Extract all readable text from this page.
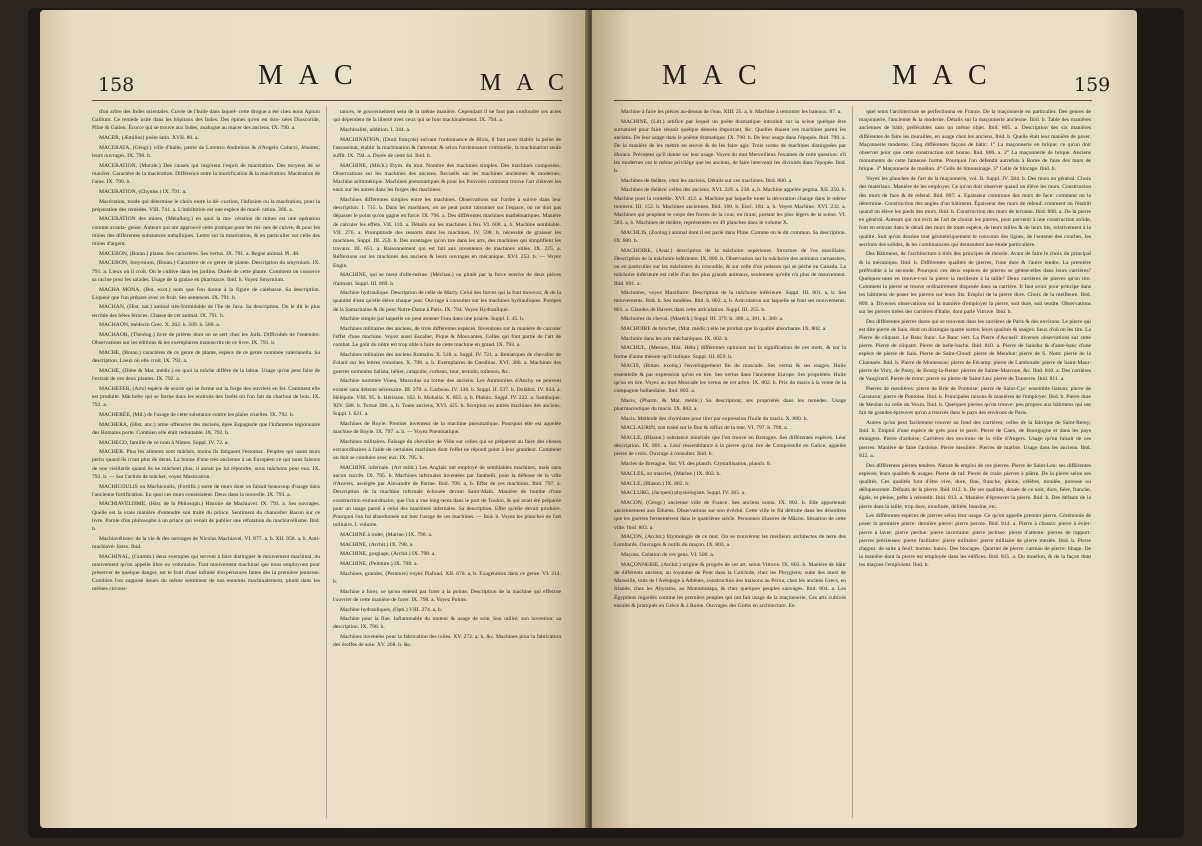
158	M A C	M A C

d'un arbre des Indes orientales. Cuvée de l'huile dans laquel- cette drogue a été chez nous Apium Gallium. Ce remède usité dans les hôpitaux des Indes. Des épines qu'en est don- nées Dioscoride, Pline & Galien. Écorce qui se trouve aux Indes, analogue au macer des anciens. IX. 790. a.

MACER, (Æmilius) poëte latin. XVII. 80. a.

MACERATA, (Géogr.) ville d'Italie, patrie de Lorenzo Andreinus & d'Angelo Colucci, Jésuites; leurs ouvrages. IX. 790. b.

MACERATION, (Morale.) Des causes qui inspirent l'esprit de macération. Des moyens de se macérer. Caractère de la macération. Différence entre la mortification & la macération. Macération de l'ame. IX. 790. b.

MACERATION, (Chymie.) IX. 791. a.

Macération, mode qui détermine le choix entre la dé- coction, l'infusion ou la macération, pour la préparation des remèdes. VIII. 741. a. L'imbibition est une espèce de macé- ration. 366. a.

MACERATION des mines, (Métallurg.) en quoi la ma- cération de mines est une opération comme avanta- geuse. Auteurs qui ont approuvé cette pratique pour les mi- nes de cuivre, & pour les mines des différentes substances métalliques. Lettre sur la macération, & en particulier sur celle des mines d'argent.

MACERON, (Botan.) plante. Ses caractères. Ses vertus. IX. 791. a. Regne animal. Pl. 48.

MACERON, Smyrnium, (Botan.) Caractère de ce genre de plante. Description du smyrnium. IX. 791. a. Lieux où il croît. On le cultive dans les jardins. Durée de cette plante. Comment on conserve sa racine pour les salades. Usage de la graine en pharmacie. Ibid. b. Voyez Smyrnium.

MACHA MONA, (Bot. exot.) nom que l'on donne à la figure de calebasse. Sa description. Liqueur que l'on prépare avec ce fruit. Ses semences. IX. 791. b.

MACHAN, (Hist. nat.) animal très-formidable de l'île de Java. Sa description. On le dit le plus terrible des bêtes féroces. Chasse de cet animal. IX. 791. b.

MACHAON, médecin Grec. X. 262. b. 589. b. 588. a.

MACHAOR, (Théolog.) livre de prières dont on se sert chez les Juifs. Difficultés de l'entendre. Observations sur les éditions & les exemplaires manuscrits de ce livre. IX. 791. b.

MACHE, (Botan.) caractères de ce genre de plante, espèce de ce genre nommée valerianella. Sa description. Lieux où elle croît. IX. 792. a.

MACHE, (Diète & Mat. médic.) en quoi la mâche diffère de la laitue. Usage qu'on peut faire de l'extrait de ces deux plantes. IX. 792. a.

MACHEFER, (Arts) espèce de scorie qui se forme sur la forge des ouvriers en fer. Comment elle est produite. Mâchefer qui se forme dans les endroits des forêts où l'on fait du charbon de bois. IX. 792. a.

MACHERÉE, (Mil.) de l'usage de cette substance contre les plaies cruelles. IX. 792. b.

MACHERA, (Hist. anc.) arme offensive des anciens, épée Espagnole que l'infanterie légionnaire des Romains porte. Combien elle était redoutable. IX. 792. b.

MACHECO, famille de ce nom à Nîmes. Suppl. IV. 72. a.

MACHER. Plus les alimens sont mâchés, moins ils fatiguent l'estomac. Peuples qui usent leurs petits quand ils n'ont plus de dents. La bonne d'une très-ancienne à un Européen ce qui nous faisons de nos vieillards quand ils ne mâchent plus; il aurait pu lui répondre, nous mâchons pour eux. IX. 792. b. — Sur l'action de mâcher, voyez Mastication.

MACHICOULIS ou Machicoulis, (Fortific.) sorte de murs dont on faisait beaucoup d'usage dans l'ancienne fortification. En quoi ces murs consistaient. Deux dans la nouvelle. IX. 793. a.

MACHIAVELISME, (Hist. de la Philosoph.) Histoire de Machiavel. IX. 793. a. Ses ouvrages. Quelle est la vraie manière d'entendre son traité du prince. Sentiment du chancelier Bacon sur ce livre. Parole d'un philosophe à un prince qui venait de publier une réfutation du machiavélisme. Ibid. b.

Machiavélistes: de la vie & des ouvrages de Nicolas Machiavel. VI. 877. a, b. XII. 958. a, b. Anti-machiavé- listes. Ibid.

MACHINAL, (Gramm.) deux exemples qui servent à faire distinguer le mouvement machinal, du mouvement qu'on appelle libre ou volontaire. Tout mouvement machinal que nous employons pour préserver de quelque danger, est le fruit d'une infinité d'expériences faites dès la première jeunesse. Combien l'on suppose doués du même sentiment de nos ennemis machinalement, plutôt dans les mêmes circons-

tances, le gouvernement sera de la même manière. Cependant il ne faut pas confondre ces actes qui dépendent de la liberté avec ceux qui se font machinalement. IX. 794. a.

Machinalité, addition. I. 344. a.

MACHINATION, (Droit françois) suivant l'ordonnance de Blois, il faut pour établir la peine de l'assassinat, établir la machination & l'attentat; & selon l'ordonnance criminelle, la machination seule suffit. IX. 794. a. Durée de cette loi. Ibid. b.

MACHINE, (Méch.) Etym. du mot. Nombre des machines simples. Des machines composées. Observations sur les machines des anciens. Recueils sur les machines anciennes & modernes. Machine arithmétique. Machines pneumatiques & pour les Pouvoirs comment trouve l'art d'élever les eaux sur les autres dans les forges des machines.

Machines différentes simples entre les machines. Observations sur l'ordre à suivre dans leur description. I. 715. b. Dans les machines, on ne peut point raisonner sur l'espace, on ne doit pas dépasser le point qu'on gagne en force. IX. 796. a. Des différentes machines mathématiques. Manière de calculer les effets. VII. 110. a. Détails sur les machines à feu. VI. 608. a, b. Machine semblable. VII. 276. a. Promptitude des ressorts dans les machines. IV. 598. b. nécessité de graisser les machines. Suppl. III. 259. b. Des avantages qu'on tire dans les arts, des machines qui simplifient les travaux. III. 651. a. Raisonnement qui est fait aux inventeurs de machines utiles. IX. 225. a. Réflexions sur les machines des anciens & leurs ouvrages en mécanique. XVI. 253. b. — Voyez Engin.

MACHINE, qui se meut d'elle-même. (Méchan.) ou plutôt par la force tensive de deux pièces d'aimant. Suppl. III. 869. b.

Machine hydraulique. Description de celle de Marly. Celui des forces qui la font mouvoir, & de la quantité d'eau qu'elle élève chaque jour. Ouvrage à consulter sur les machines hydrauliques. Pompes de la Samaritaine & du pont Notre-Dame à Paris. IX. 794. Voyez Hydraulique.

Machine simple par laquelle on peut amener l'eau dans une prairie. Suppl. I. 45. b.

Machines militaires des anciens, de trois différentes espèces. Inventions sur la manière de calculer l'effet d'une machine. Voyez aussi Escalier, Pique & Mouvantes. Celles qui font partie de l'art de combat. Le goût du nôtre est trop utile à faire de cette machine en grand. IX. 793. a.

Machines militaires des anciens Romains. X. 518. a. Suppl. IV. 721. a. Remarques de chevalier de Folard sur les lettres romaines. X. 798. a. b. Exemplaires de Ctesibius. XVI. 386. a. Machines des guerres nommées balista, bélier, catapulte, corbeau, tour, testudo, tollenon, &c.

Machine nommée Vinea, Musculus ou tortue des anciens. Les Ammonites d'Anchy ne peuvent exister sans détente nécessaire. III. 279. a. Corbeau. IV. 138. b. Suppl. II. 537. b. Dolabra. IV. 834. a. Hélépole. VIII. 95. b. Hérisson. 162. b. Mohalia. X. 855. a, b. Phénix. Suppl. IV. 222. a. Sambuque. XIV. 588. b. Tortue 396. a, b. Toute anciens, XVI. 425. b. Scorpion ou autres machines des anciens. Suppl. I. 621. a.

Machines de Ruyle. Premier inventeur de la machine pneumatique. Pourquoi elle est appelée machine de Boyle. IX. 797. a. b. — Voyez Pneumatique.

Machines militaires. Faisage du chevalier de Ville sur celles qui se préparent au faire des choses extraordinaires à l'aide de certaines machines dont l'effet ne répond point à leur grandeur. Comment on doit se conduire avec eux. IX. 795. b.

MACHINE infernale. (Art milit.) Les Anglais ont employé de semblables machines, mais sans aucun succès. IX. 795. b. Machines infernales inventées par Jambelli, pour la défense de la ville d'Anvers, assiégée par Alexandre de Parme. Ibid. 798. a, b. Effet de ces machines. Ibid. 797. a. Description de la machine infernale échouée devant Saint-Malo. Manière de bombe d'une construction extraordinaire, que l'on a vue long-tems dans le port de Toulon, & qui avait été préparée pour un usage pareil à celui des machines infernales. Sa description. Effet qu'elle devait produire. Pourquoi l'on fut abandonnée sur mer l'usage de ces machines. — Ibid. b. Voyez les planches de l'art militaire. I. volume.

MACHINE à roder, (Marine.) IX. 798. a.

MACHINE, (Archit.) IX. 798. a.

MACHINE, gorgiage, (Archit.) IX. 798. a.

MACHINE, (Peinture.) IX. 798. a.

Machines, grandes, (Peinture) voyez Plafond. XII. 678. a, b. Exagération dans ce genre. VI. 214. b.

Machine à forer, ce qu'on entend par forer à la pointe. Description de la machine qui effectue l'ouvrier de cette manière de forer. IX. 798. a. Voyez Pointe.

Machine hydrauliques, (Opti.) VIII. 274. a, b.

Machine pour la flue. Inflammable du moteur & usage de soie. Son utilité; son invention: sa description. IX. 798. b.

Machines inventées pour la fabrication des toiles. XV. 272. a; b, &c. Machines pour la fabrication des étoffes de soie. XV. 268. b. &c.

M A C	M A C	159

Machine à faire les pièces au-dessus de l'eau. XIII. 25. a, b. Machine à remonter les bateaux. 87. a.

MACHINE, (Litt.) artifice par lequel un poëte dramatique introduit sur la scène quelque être surnaturel pour faire réussir quelque dessein important, &c. Quelles étaient ces machines parmi les anciens. De leur usage dans le poëme dramatique. IX. 798. b. De leur usage dans l'épopée. Ibid. 799. a. De la manière de les mettre en œuvre & de les faire agir. Trois sortes de machines distinguées par Horace. Préceptes qu'il donne sur leur usage. Voyez du mot Merveilleux l'examen de cette question: s'il les modernes ont le même privilège que les anciens, de faire intervenir les divinités dans l'épopée. Ibid. b.

Machines de théâtre, chez les anciens. Détails sur ces machines. Ibid. 800. a.

Machines de théâtre: celles des anciens. XVI. 229. a. 238. a, b. Machine appelée pegma. XII. 250. b. Machine pour la comédie. XVI. 412. a. Machine par laquelle toute la décoration change dans le même moment. III. 152. b. Machines anciennes. Ibid. 160. b. Encl. 184. a, b. Voyez Machine. XVI. 232. a. Machines qui peuplent le corps des forces de la cour, en tirant, portant les plus légers de la scène. VI. 583. a, b. Machines de théâtre, représentées en 49 planches dans le volume X.

MACHLIS, (Zoolog.) animal dont il est parlé dans Pline. Comme on le dit commun. Sa description. IX. 800. b.

MACHOIRE, (Anat.) description de la mâchoire supérieure. Structure de l'os maxillaire. Description de la mâchoire inférieure. IX. 800. b. Observation sur la mâchoire des animaux carnassiers, ou en particulier sur les mâchoires du crocodile, & sur celle d'un poisson qui se pêche en Canada. La mâchoire inférieure est celle d'un des plus grands animaux, seulement qu'elle n'a plus de mouvement. Ibid. 801. a.

Mâchoires, voyez Maxillaire: Description de la mâchoire inférieure. Suppl. III. 801. a, b. Ses mouvements. Ibid. b. Ses modèles. Ibid. b. 802. a, b. Articulation sur laquelle se font ses mouvements. 801. a. Glandes de Havers dans cette articulation. Suppl. III. 255. b.

Mâchoires du cheval. (Maréch.) Suppl. III. 379. b. 380. a, 381. b. 380. a.

MACHOIRE de brochet, (Mat. médic.) elle ne produit que la qualité absorbante. IX. 802. a.

Machoire dans les arts méchaniques. IX. 802. b.

MACHUL, (Mesure, Hist. Hébr.) différentes opinions sur la signification de ces mots, & sur la forme d'aune mesure qu'il indique. Suppl. III. 859. b.

MACIS, (Botan. exotiq.) l'enveloppement fin du muscade. Ses vertus & ses usages. Huile essentielle & par expression qu'on en tire. Ses vertus dans l'ancienne Europe. Ses propriétés. Huile qu'on en tire. Voyez au mot Muscade les vertus de cet arbre. IX. 802. b. Prix du macis à la vente de la compagnie hollandaise. Ibid. 802. a.

Macis, (Pharm. & Mat. médic.) Sa description; ses propriétés dans les remèdes. Usage pharmaceutique du macis. IX. 802. a.

Macis. Méthode des chymistes pour tirer par expression l'huile du macis. X. 880. b.

MACLAURIN, son traité sur le flux & reflux de la mer. VI. 797. b. 798. a.

MACLE, (Blason.) substance minérale que l'on trouve en Bretagne. Ses différentes espèces. Leur description. IX. 801. a. Leur ressemblance à la pierre qu'on tire de Compostelle en Galice, appelée pierre de croix. Ouvrage à consulter. Ibid. b.

Macles de Bretagne. Vol. VI. des planch. Crystallisation, planch. 8.

MACLES, ou mascles, (Marine.) IX. 802. b.

MACLE, (Blason.) IX. 802. b.

MACLURG, (Jacques) physiologiste. Suppl. IV. 365. a.

MACON, (Géogr.) ancienne ville de France. Ses anciens noms. IX. 802. b. Elle appartenait anciennement aux Éduens. Observations sur son évêché. Cette ville le fût détruite dans les désordres que les guerres fermentèrent dans le quatrième siècle. Personnes illustres de Mâcon. Situation de cette ville. Ibid. 803. a.

MAÇON, (Archit.) Etymologie de ce mot. On se trouvèrent les meilleurs architectes de terre des Lombards. Ouvrages & outils du maçon. IX. 803. a.

Maçons. Création de ces gens. VI. 500. a.

MAÇONNERIE, (Archit.) origine & progrès de cet art, selon Vitruve. IX. 803. b. Manière de bâtir de différents anciens; au royaume de Pont dans la Colchide, chez les Phrygiens; suite des murs de Marseille, toits de l'Aréopage à Athènes, construction des maisons au Pérou, chez les anciens Grecs, en Irlande, chez les Abyssins, au Monomotapa, & chez quelques peuples sauvages. Ibid. 804. a. Les Égyptiens regardés comme les premiers peuples qui ont fait usage de la maçonnerie. Ces arts cultivés ensuite & pratiqués en Grèce & à Rome. Ouvrages des Goths en architecture. En

quel tems l'architecture se perfectionna en France. De la maçonnerie en particulier. Des genres de maçonnerie, l'ancienne & la moderne. Détails sur la maçonnerie ancienne. Ibid. b. Table des manières anciennes de bâtir, préférables sans un même objet. Ibid. 805. a. Description des six manières différentes de faire les murailles, en usage chez les anciens. Ibid. b. Quelle était leur manière de paver. Maçonnerie moderne. Cinq différentes façons de bâtir: 1° La maçonnerie en brique: ce qu'on doit observer pour que cette construction soit bonne. Ibid. 806. a. 2° La maçonnerie de brique. Anciens monuments de cette fameuse forme. Pourquoi l'on défendit autrefois à Rome de faire des murs de brique. 3° Maçonnerie de moëlon. 4° Celle de limousinage. 5° Celle de blocage. Ibid. b.

Voyez les planches de l'art de la maçonnerie, vol. II. Suppl. IV. 584. b. Des murs en général. Choix des matériaux. Manière de les employer. Ce qu'on doit observer quand on élève les murs. Construction des murs de face & de refend. Ibid. 807. a. Epaisseur commune des murs de face: comment on la détermine. Construction des angles d'un bâtiment. Épaisseur des murs de refend: comment on l'établit quand on élève les pieds des murs. Ibid. b. Construction des murs de terrasse. Ibid. 808. a. De la pierre en général. Auteurs qui ont écrit de l'art de choisir les pierres, pour parvenir à une construction solide, font en entrant dans le détail des murs de toute espèce, de leurs tailles & de leurs lits, relativement à la qualité. Soit qu'on dessine tout géométriquement le concours des lignes, de l'entente des courbes, les sections des solides, & les combinaisons qui demandent une étude particulière.

Des Bâtimens, de l'architecture à tirés des principes de théorie. Avant de faire le choix du principal & la mécanique. Ibid. b. Différentes qualités de pierres, l'une dure & l'autre tendre. La première préférable à la seconde. Pourquoi ces deux espèces de pierres se gèlent-elles dans leurs carrières? Quelques-unes en trouve-t-on la pierre la meilleure à la taille? Deux carrières de pierres qu'on tire. Comment la pierre se trouve ordinairement disposée dans sa carrière. Il faut avoir pour principe dans les bâtimens de poser les pierres sur leurs lits. Emploi de la pierre dure. Choix de la meilleure. Ibid. 809. a. Diverses observations sur la manière d'employer la pierre, soit dure, soit tendre. Observations sur les pierres tirées des carrières d'Italie, dont parle Vitruve. Ibid. b.

Des différentes pierres dures qui se trouvent dans les carrières de Paris & des environs. Le pierre qui est dite pierre de liais, dont on distingue quatre sortes: leurs qualités & usages: lieux d'où on les tire. La Pierre de cliquart. Le Banc franc. Le Banc vert. La Pierre d'Arcueil: diverses observations sur cette pierre. Pierre de cliquart. Pierre de belle-hache. Ibid. 810. a. Pierre de liaisdur & d'aute-banc d'une espèce de pierre de liais. Pierre de Saint-Cloud: pierre de Meudon: pierre de S. Nom: pierre de la Chaussée. Ibid. b. Pierre de Montesson: pierre de Fécamp: pierre de Lamboude: pierre de Saint-Maur: pierre de Vitry, de Passy, de Bourg-la-Reine: pierres de Sainte-Marcoue, &c. Ibid. 810. a. Des carrières de Vaugirard. Pierre de tronc: pierre ou pierre de Saint-Leu: pierre de Tonnerre. Ibid. 811. a.

Pierres de meulières: pierre de Brie de Pontoise: pierre de Saint-Cyr: ensemble liaison; pierre de Garanson: pierre de Pontoise. Ibid. b. Principales raisons & manières de l'employer. Ibid. b. Pierre dure de Meulan ou celle du Vexin. Ibid. b. Quelques pierres qu'on trouve: peu propres aux bâtimens qui ont fait de grandes épreuves qu'on a trouvés dans le pays des environs de Paris.

Autres qu'on peut facilement trouver au fond des carrières; celles de la fabrique de Saint-Remy; Ibid. b. Emploi d'une espèce de grès pour le pavé. Pierre de Caen, de Bourgogne et dans les pays étrangers. Pierre d'ardoise; Carrières des environs de la ville d'Angers. Usage qu'on faisait de ces pierres. Manière de faire l'ardoise. Pierre meulière. Pierres de marbre. Usage dans les anciens. Ibid. 812. a.

Des différentes pierres tendres. Nature & emploi de ces pierres. Pierre de Saint-Leu: ses différentes espèces; leurs qualités & usages. Pierre de tuf. Pierre de craie: pierres à plâtre. De la pierre selon ses qualités. Ces qualités font d'être vive, dure, fine, franche, pleine, célèbre, moulée, poreuse ou déliquescente. Défauts de la pierre. Ibid. 812. b. De ses qualités, douée de ce noir, dure, fière, franche, égale, et pleine, prête à rebondir. Ibid. 813. a. Manière d'éprouver la pierre. Ibid. b. Des défauts de la pierre dans la taille, trop dure, moulinée, délitée, bousine, etc.

Les différentes espèces de pierres selon leur usage. Ce qu'on appelle premier pierre. Cérémonie de poser la première pierre: dernière pierre: pierre percée. Ibid. 814. a. Pierre à chassis: pierre à évier: pierre à laver: pierre perdue: pierre incertaine: pierre jectisse: pierre d'attente: pierres de rapport: pierres précieuses: pierre fusiliaire: pierre militaire: pierre milliaire de pierre meslée. Ibid. b. Pierre d'appui: de suite à feuil: bornes: bancs. Des blocages. Quartier de pierre: carreau de pierre: libage. De la manière dont la pierre est employée dans les édifices. Ibid. 815. a. Du moellon, & de la façon dont les maçons l'emploient. Ibid. b.
